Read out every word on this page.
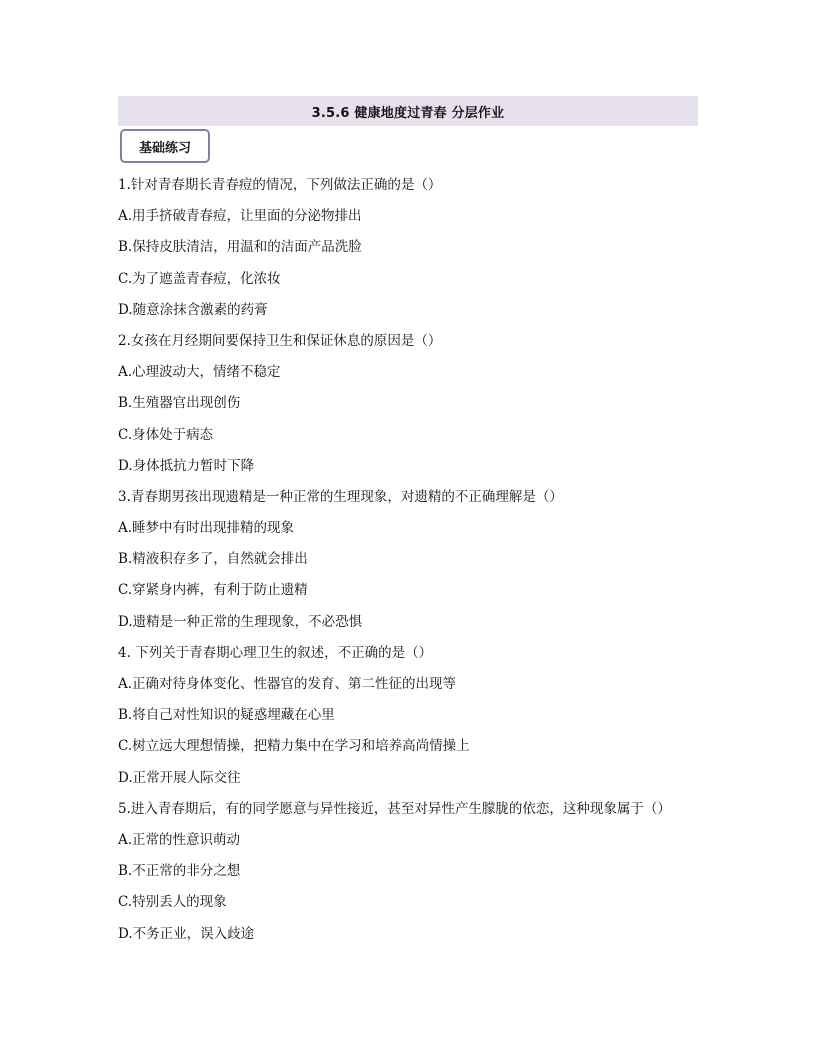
3.5.6 健康地度过青春 分层作业
基础练习
1.针对青春期长青春痘的情况，下列做法正确的是（）
A.用手挤破青春痘，让里面的分泌物排出
B.保持皮肤清洁，用温和的洁面产品洗脸
C.为了遮盖青春痘，化浓妆
D.随意涂抹含激素的药膏
2.女孩在月经期间要保持卫生和保证休息的原因是（）
A.心理波动大，情绪不稳定
B.生殖器官出现创伤
C.身体处于病态
D.身体抵抗力暂时下降
3.青春期男孩出现遗精是一种正常的生理现象，对遗精的不正确理解是（）
A.睡梦中有时出现排精的现象
B.精液积存多了，自然就会排出
C.穿紧身内裤，有利于防止遗精
D.遗精是一种正常的生理现象，不必恐惧
4. 下列关于青春期心理卫生的叙述，不正确的是（）
A.正确对待身体变化、性器官的发育、第二性征的出现等
B.将自己对性知识的疑惑埋藏在心里
C.树立远大理想情操，把精力集中在学习和培养高尚情操上
D.正常开展人际交往
5.进入青春期后，有的同学愿意与异性接近，甚至对异性产生朦胧的依恋，这种现象属于（）
A.正常的性意识萌动
B.不正常的非分之想
C.特别丢人的现象
D.不务正业，误入歧途
